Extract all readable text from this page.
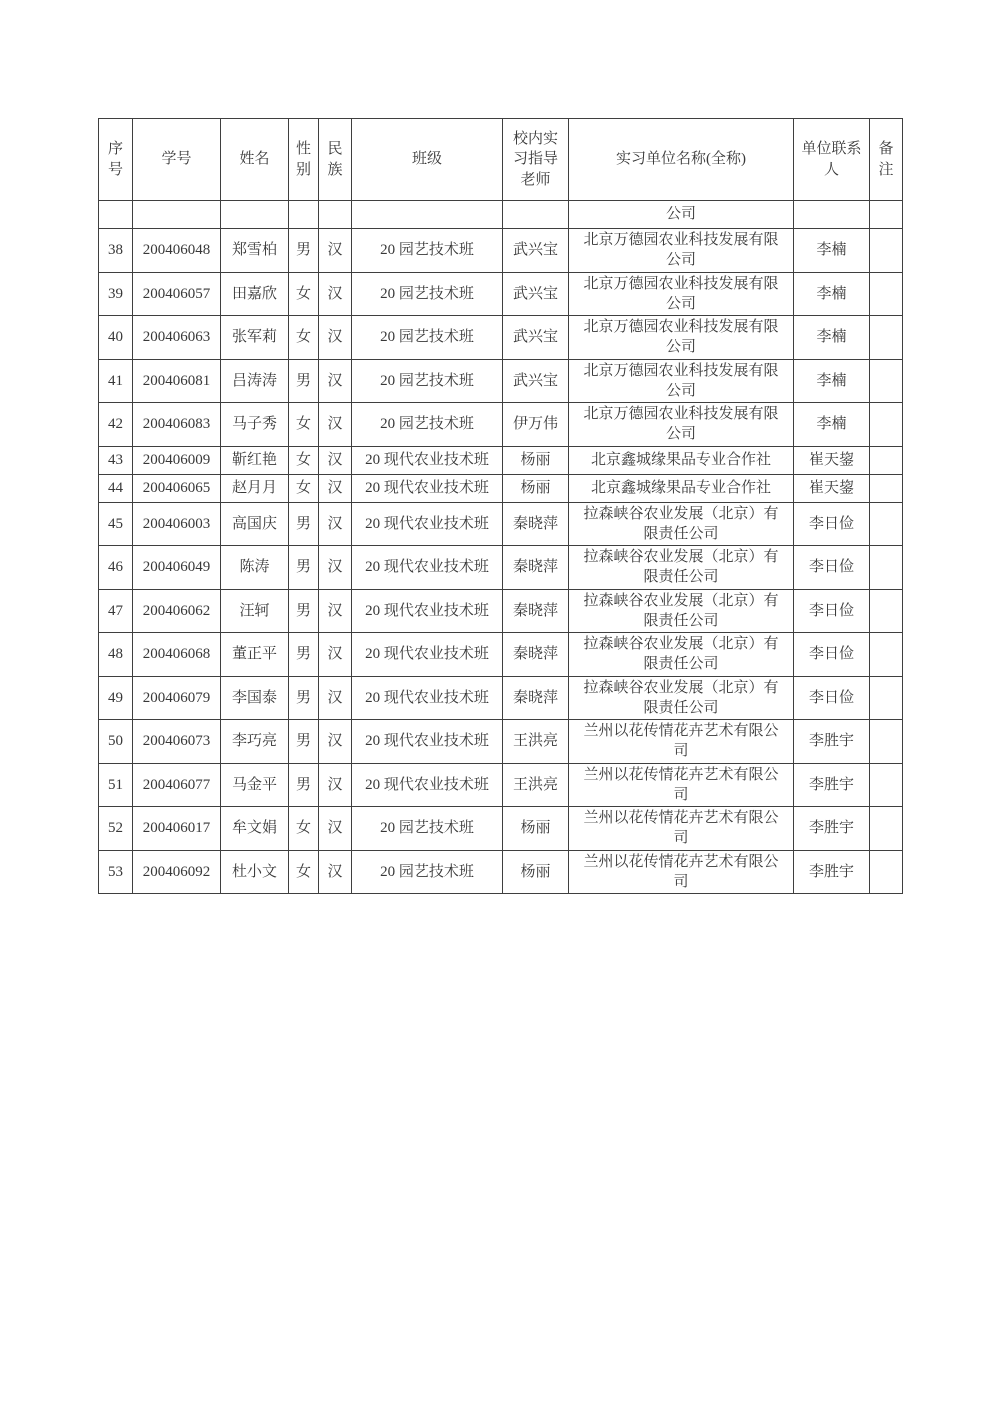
序号	学号	姓名	性别	民族	班级	校内实习指导老师	实习单位名称(全称)	单位联系人	备注
							公司		
38	200406048	郑雪柏	男	汉	20 园艺技术班	武兴宝	北京万德园农业科技发展有限公司	李楠	
39	200406057	田嘉欣	女	汉	20 园艺技术班	武兴宝	北京万德园农业科技发展有限公司	李楠	
40	200406063	张军莉	女	汉	20 园艺技术班	武兴宝	北京万德园农业科技发展有限公司	李楠	
41	200406081	吕涛涛	男	汉	20 园艺技术班	武兴宝	北京万德园农业科技发展有限公司	李楠	
42	200406083	马子秀	女	汉	20 园艺技术班	伊万伟	北京万德园农业科技发展有限公司	李楠	
43	200406009	靳红艳	女	汉	20 现代农业技术班	杨丽	北京鑫城缘果品专业合作社	崔天鋆	
44	200406065	赵月月	女	汉	20 现代农业技术班	杨丽	北京鑫城缘果品专业合作社	崔天鋆	
45	200406003	高国庆	男	汉	20 现代农业技术班	秦晓萍	拉森峡谷农业发展（北京）有限责任公司	李日俭	
46	200406049	陈涛	男	汉	20 现代农业技术班	秦晓萍	拉森峡谷农业发展（北京）有限责任公司	李日俭	
47	200406062	汪轲	男	汉	20 现代农业技术班	秦晓萍	拉森峡谷农业发展（北京）有限责任公司	李日俭	
48	200406068	董正平	男	汉	20 现代农业技术班	秦晓萍	拉森峡谷农业发展（北京）有限责任公司	李日俭	
49	200406079	李国泰	男	汉	20 现代农业技术班	秦晓萍	拉森峡谷农业发展（北京）有限责任公司	李日俭	
50	200406073	李巧亮	男	汉	20 现代农业技术班	王洪亮	兰州以花传情花卉艺术有限公司	李胜宇	
51	200406077	马金平	男	汉	20 现代农业技术班	王洪亮	兰州以花传情花卉艺术有限公司	李胜宇	
52	200406017	牟文娟	女	汉	20 园艺技术班	杨丽	兰州以花传情花卉艺术有限公司	李胜宇	
53	200406092	杜小文	女	汉	20 园艺技术班	杨丽	兰州以花传情花卉艺术有限公司	李胜宇	
